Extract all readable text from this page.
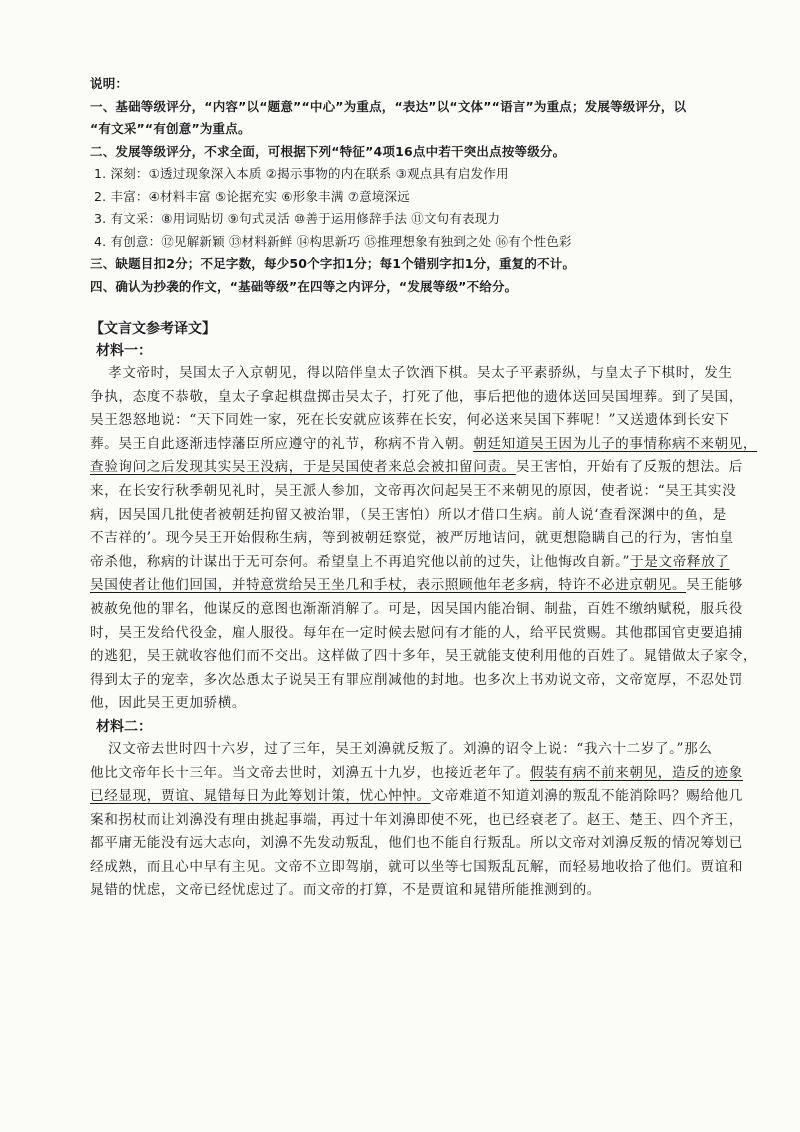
说明：
一、基础等级评分，“内容”以“题意”“中心”为重点，“表达”以“文体”“语言”为重点；发展等级评分，以
“有文采”“有创意”为重点。
二、发展等级评分，不求全面，可根据下列“特征”4项16点中若干突出点按等级分。
1. 深刻：①透过现象深入本质 ②揭示事物的内在联系 ③观点具有启发作用
2. 丰富：④材料丰富 ⑤论据充实 ⑥形象丰满 ⑦意境深远
3. 有文采：⑧用词贴切 ⑨句式灵活 ⑩善于运用修辞手法 ⑪文句有表现力
4. 有创意：⑫见解新颖 ⑬材料新鲜 ⑭构思新巧 ⑮推理想象有独到之处 ⑯有个性色彩
三、缺题目扣2分；不足字数，每少50个字扣1分；每1个错别字扣1分，重复的不计。
四、确认为抄袭的作文，“基础等级”在四等之内评分，“发展等级”不给分。
【文言文参考译文】
材料一：
孝文帝时，吴国太子入京朝见，得以陪伴皇太子饮酒下棋。吴太子平素骄纵，与皇太子下棋时，发生
争执，态度不恭敬，皇太子拿起棋盘掷击吴太子，打死了他，事后把他的遗体送回吴国埋葬。到了吴国，
吴王怨怒地说：“天下同姓一家，死在长安就应该葬在长安，何必送来吴国下葬呢！”又送遗体到长安下
葬。吴王自此逐渐违悖藩臣所应遵守的礼节，称病不肯入朝。朝廷知道吴王因为儿子的事情称病不来朝见，
查验询问之后发现其实吴王没病，于是吴国使者来总会被扣留问责。吴王害怕，开始有了反叛的想法。后
来，在长安行秋季朝见礼时，吴王派人参加，文帝再次问起吴王不来朝见的原因，使者说：“吴王其实没
病，因吴国几批使者被朝廷拘留又被治罪，（吴王害怕）所以才借口生病。前人说‘查看深渊中的鱼，是
不吉祥的’。现今吴王开始假称生病，等到被朝廷察觉，被严厉地诘问，就更想隐瞒自己的行为，害怕皇
帝杀他，称病的计谋出于无可奈何。希望皇上不再追究他以前的过失，让他悔改自新。”于是文帝释放了
吴国使者让他们回国，并特意赏给吴王坐几和手杖，表示照顾他年老多病，特许不必进京朝见。吴王能够
被赦免他的罪名，他谋反的意图也渐渐消解了。可是，因吴国内能冶铜、制盐，百姓不缴纳赋税，服兵役
时，吴王发给代役金，雇人服役。每年在一定时候去慰问有才能的人，给平民赏赐。其他郡国官吏要追捕
的逃犯，吴王就收容他们而不交出。这样做了四十多年，吴王就能支使利用他的百姓了。晁错做太子家令，
得到太子的宠幸，多次怂恿太子说吴王有罪应削减他的封地。也多次上书劝说文帝，文帝宽厚，不忍处罚
他，因此吴王更加骄横。
材料二：
汉文帝去世时四十六岁，过了三年，吴王刘濞就反叛了。刘濞的诏令上说：“我六十二岁了。”那么
他比文帝年长十三年。当文帝去世时，刘濞五十九岁，也接近老年了。假装有病不前来朝见，造反的迹象
已经显现，贾谊、晁错每日为此筹划计策，忧心忡忡。文帝难道不知道刘濞的叛乱不能消除吗？赐给他几
案和拐杖而让刘濞没有理由挑起事端，再过十年刘濞即使不死，也已经衰老了。赵王、楚王、四个齐王，
都平庸无能没有远大志向，刘濞不先发动叛乱，他们也不能自行叛乱。所以文帝对刘濞反叛的情况筹划已
经成熟，而且心中早有主见。文帝不立即驾崩，就可以坐等七国叛乱瓦解，而轻易地收拾了他们。贾谊和
晁错的忧虑，文帝已经忧虑过了。而文帝的打算，不是贾谊和晁错所能推测到的。
